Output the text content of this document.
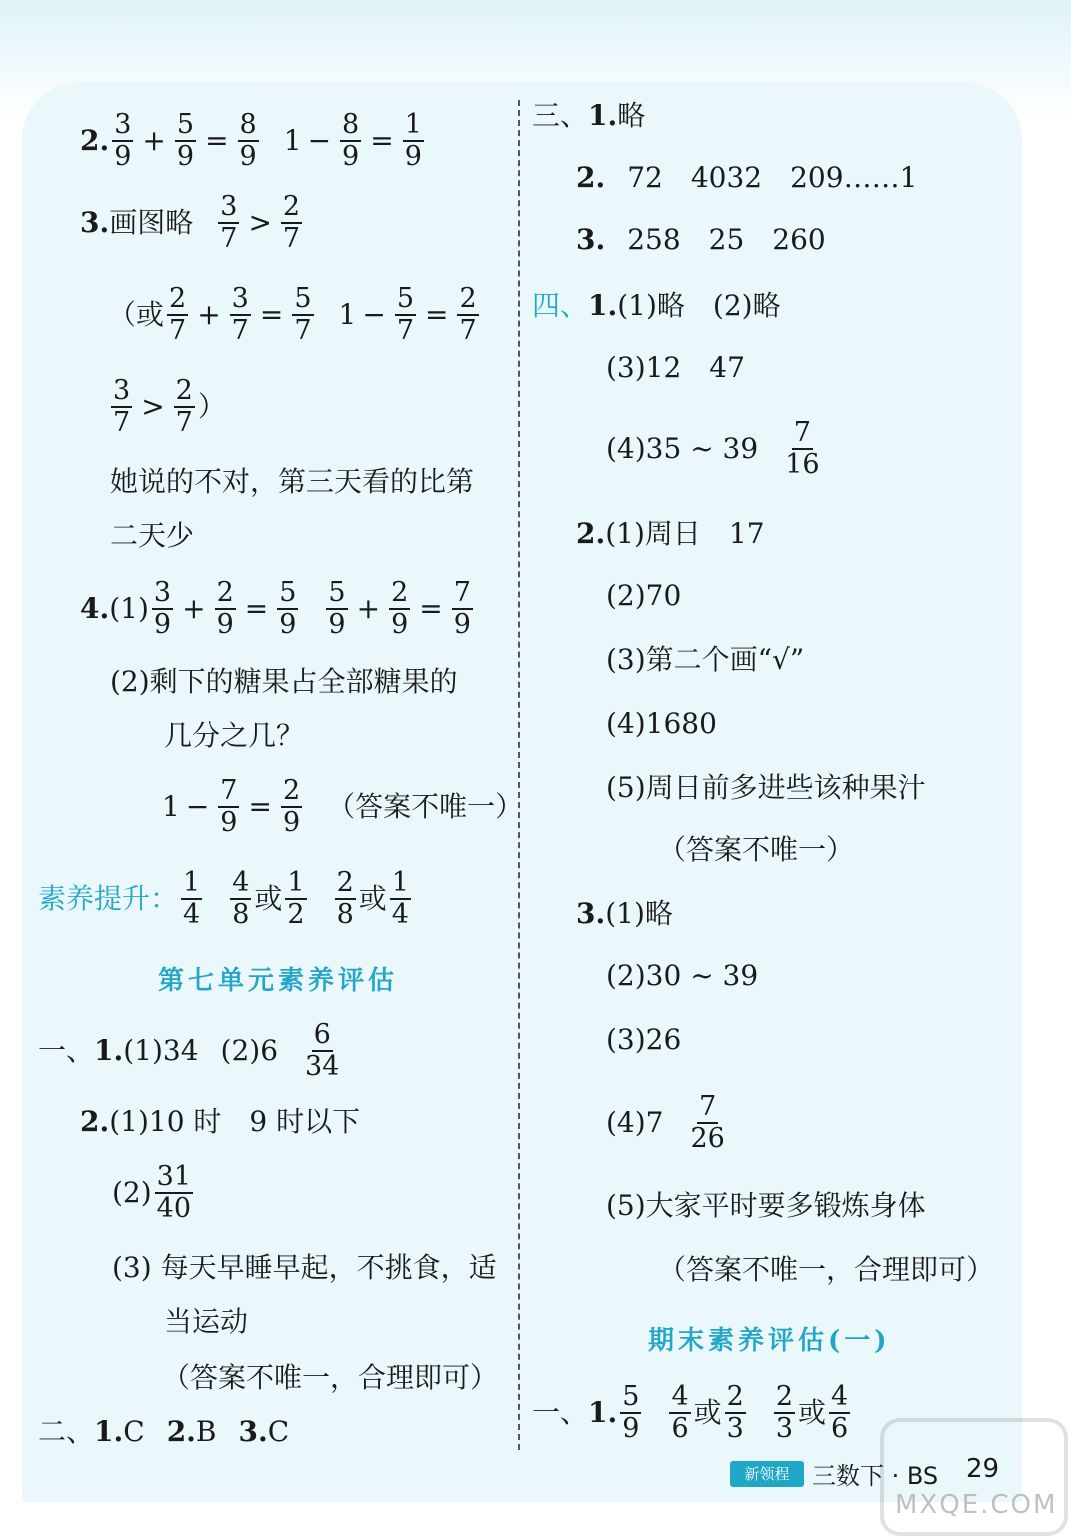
2. $\frac{3}{9} + \frac{5}{9} = \frac{8}{9} 1 - \frac{8}{9} = \frac{1}{9}$
3. 画图略 $\frac{3}{7} > \frac{2}{7}$
（或 $\frac{2}{7} + \frac{3}{7} = \frac{5}{7} 1 - \frac{5}{7} = \frac{2}{7}$
$\frac{3}{7} > \frac{2}{7}$ ）
她说的不对，第三天看的比第
二天少
4. $(1) \frac{3}{9} + \frac{2}{9} = \frac{5}{9} \frac{5}{9} + \frac{2}{9} = \frac{7}{9}$
(2)剩下的糖果占全部糖果的
几分之几？
$1 - \frac{7}{9} = \frac{2}{9}$ （答案不唯一）
素养提升： $\frac{1}{4} \frac{4}{8}$ 或 $\frac{1}{2} \frac{2}{8}$ 或 $\frac{1}{4}$
第七单元素养评估
一、 1. (1)34 $(2)6 \frac{6}{34}$
2. (1)10 时　9 时以下
$(2) \frac{31}{40}$
(3) 每天早睡早起，不挑食，适
当运动
（答案不唯一，合理即可）
二、 1. C 2. B 3. C
三、 1. 略
2. 72　4032　209……1
3. 258　25　260
四、 1. (1)略　(2)略
(3)12　47
(4)35 ~ $39 \frac{7}{16}$
2. (1)周日　17
(2)70
(3)第二个画“√”
(4)1680
(5)周日前多进些该种果汁
（答案不唯一）
3. (1)略
(2)30 ~ 39
(3)26
$(4)7 \frac{7}{26}$
(5)大家平时要多锻炼身体
（答案不唯一，合理即可）
期末素养评估(一)
一、 1. $\frac{5}{9} \frac{4}{6}$ 或 $\frac{2}{3} \frac{2}{3}$ 或 $\frac{4}{6}$
MXQE.COM
新领程 三数下 · BS 29
